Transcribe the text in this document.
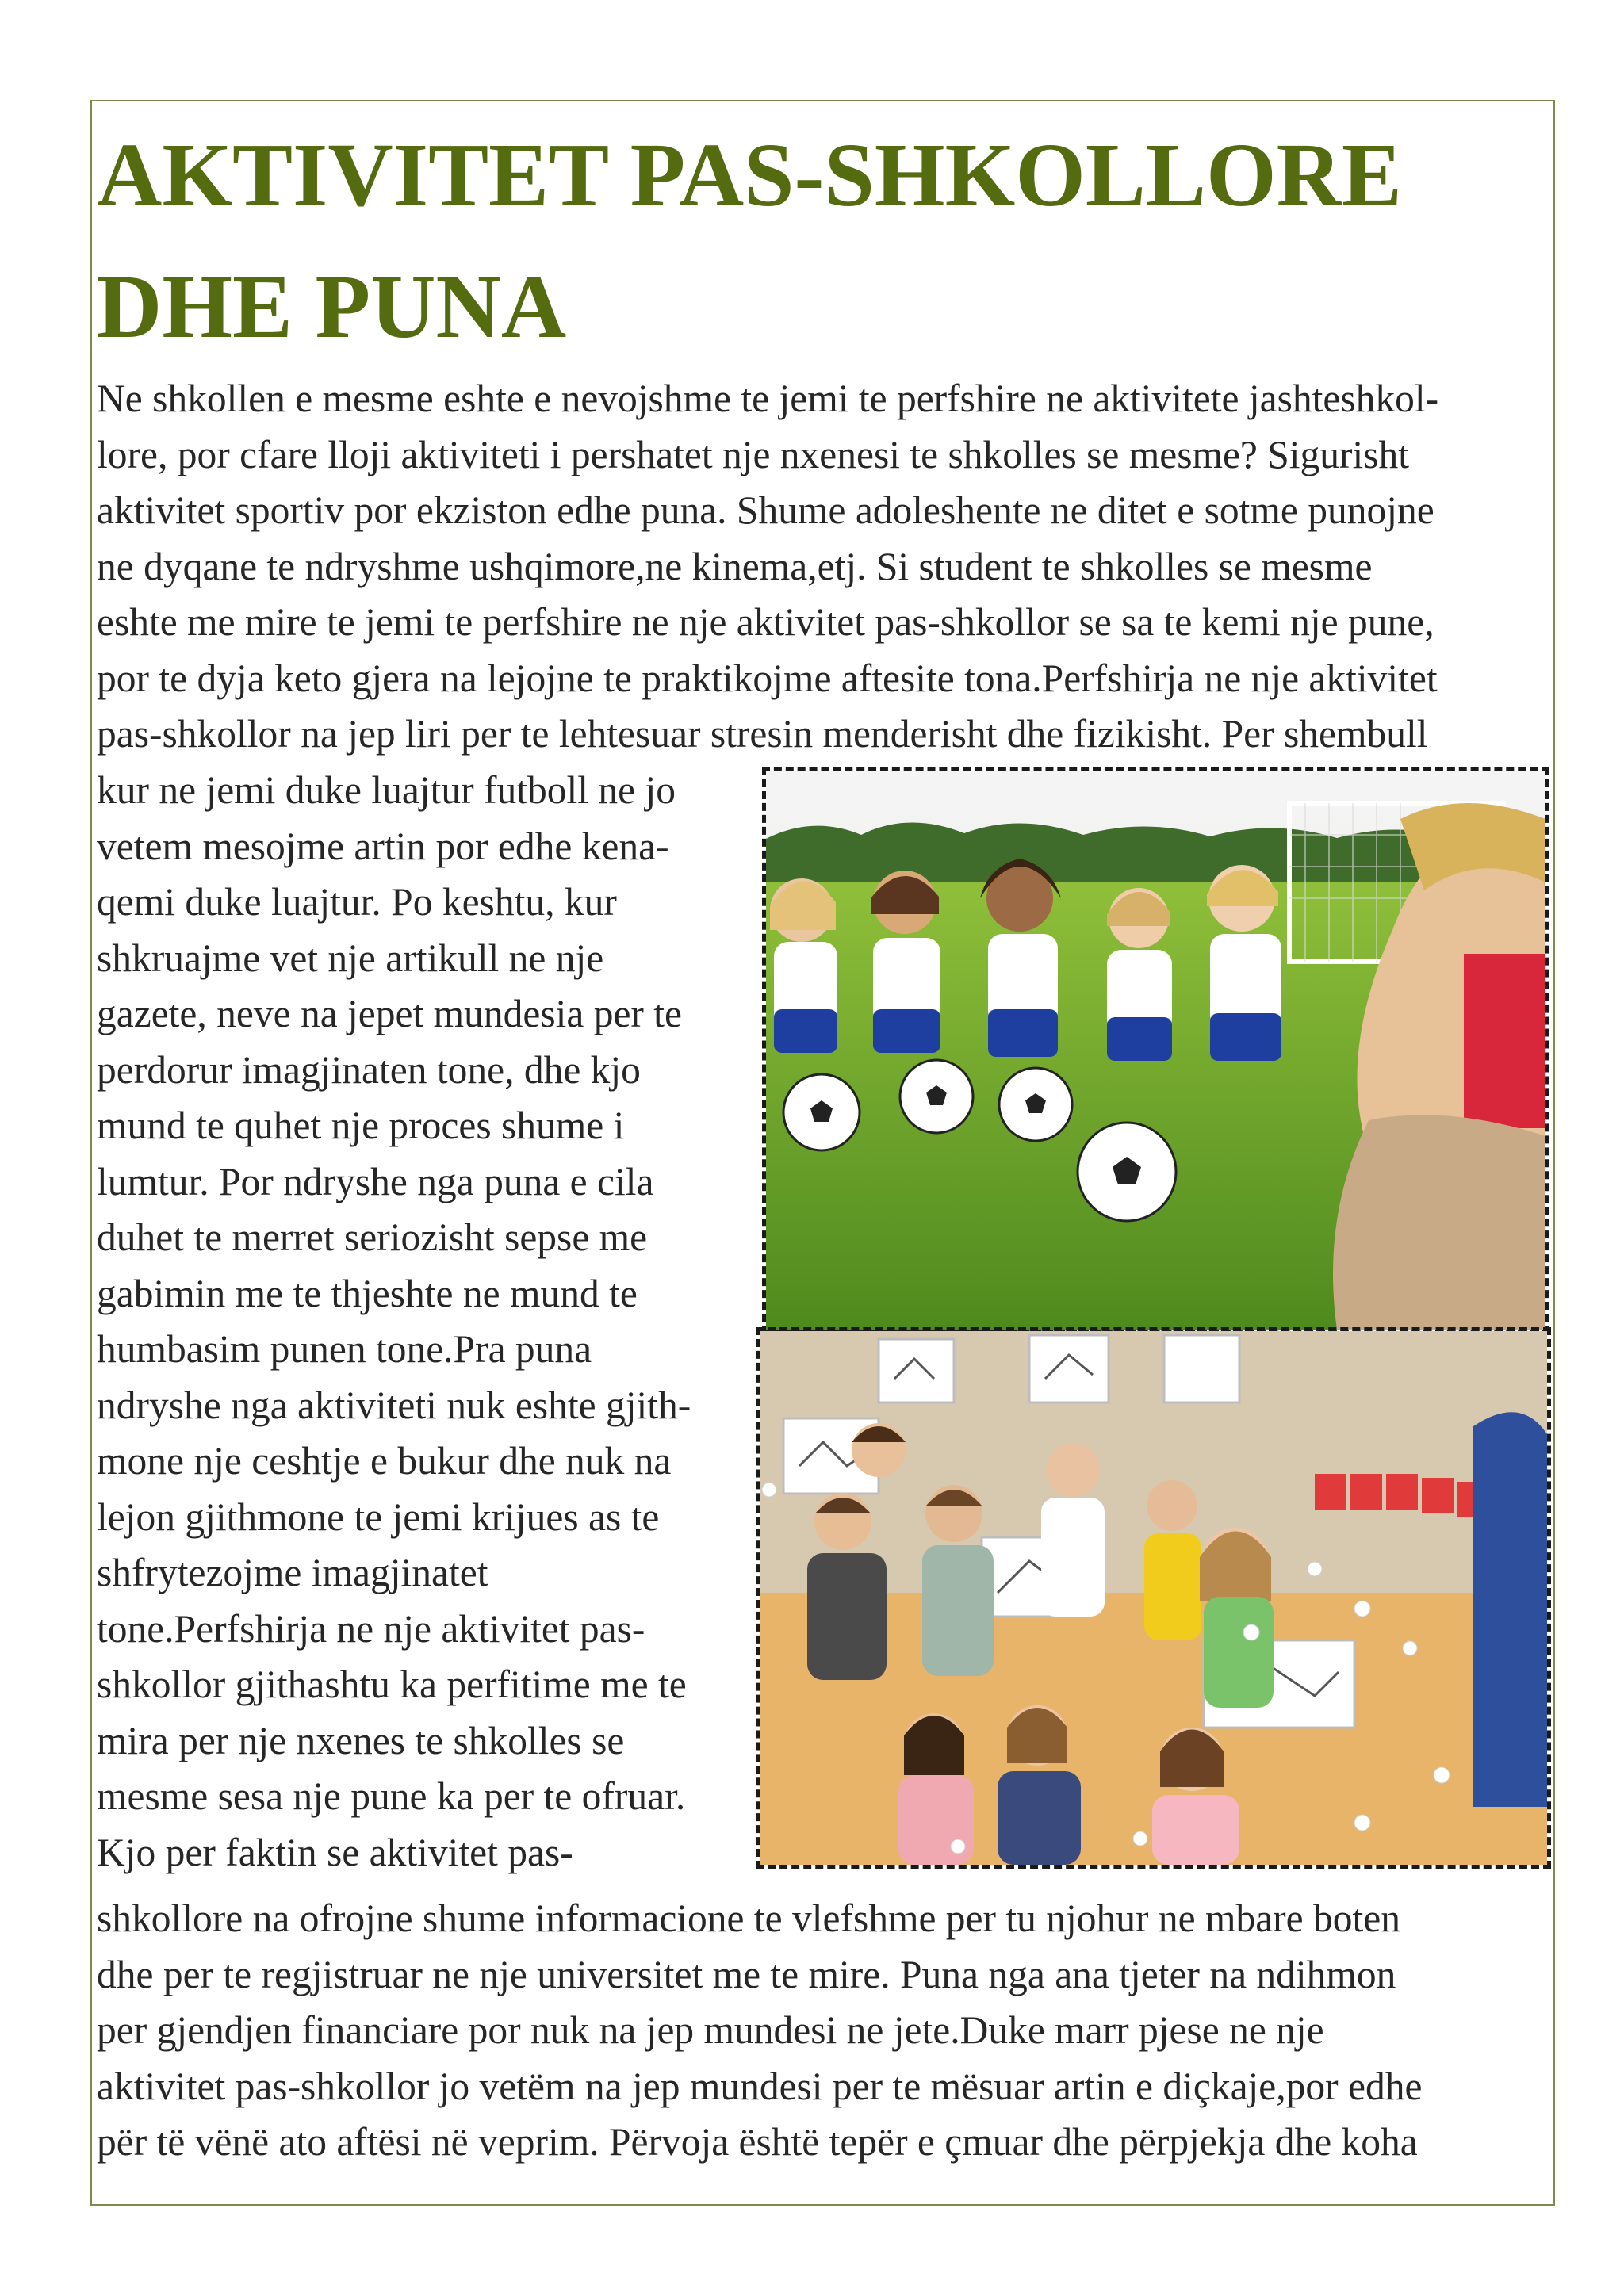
AKTIVITET PAS-SHKOLLORE
DHE PUNA
Ne shkollen e mesme eshte e nevojshme te jemi te perfshire ne aktivitete jashteshkol-
lore, por cfare lloji aktiviteti i pershatet nje nxenesi te shkolles se mesme? Sigurisht
aktivitet sportiv por ekziston edhe puna. Shume adoleshente ne ditet e sotme punojne
ne dyqane te ndryshme ushqimore,ne kinema,etj. Si student te shkolles se mesme
eshte me mire te jemi te perfshire ne nje aktivitet pas-shkollor se sa te kemi nje pune,
por te dyja keto gjera na lejojne te praktikojme aftesite tona.Perfshirja ne nje aktivitet
pas-shkollor na jep liri per te lehtesuar stresin menderisht dhe fizikisht. Per shembull
kur ne jemi duke luajtur futboll ne jo
vetem mesojme artin por edhe kena-
qemi duke luajtur. Po keshtu, kur
shkruajme vet nje artikull ne nje
gazete, neve na jepet mundesia per te
perdorur imagjinaten tone, dhe kjo
mund te quhet nje proces shume i
lumtur. Por ndryshe nga puna e cila
duhet te merret seriozisht sepse me
gabimin me te thjeshte ne mund te
humbasim punen tone.Pra puna
ndryshe nga aktiviteti nuk eshte gjith-
mone nje ceshtje e bukur dhe nuk na
lejon gjithmone te jemi krijues as te
shfrytezojme imagjinatet
tone.Perfshirja ne nje aktivitet pas-
shkollor gjithashtu ka perfitime me te
mira per nje nxenes te shkolles se
mesme sesa nje pune ka per te ofruar.
Kjo per faktin se aktivitet pas-
shkollore na ofrojne shume informacione te vlefshme per tu njohur ne mbare boten
dhe per te regjistruar ne nje universitet me te mire. Puna nga ana tjeter na ndihmon
per gjendjen financiare por nuk na jep mundesi ne jete.Duke marr pjese ne nje
aktivitet pas-shkollor jo vetëm na jep mundesi per te mësuar artin e diçkaje,por edhe
për të vënë ato aftësi në veprim. Përvoja është tepër e çmuar dhe përpjekja dhe koha
